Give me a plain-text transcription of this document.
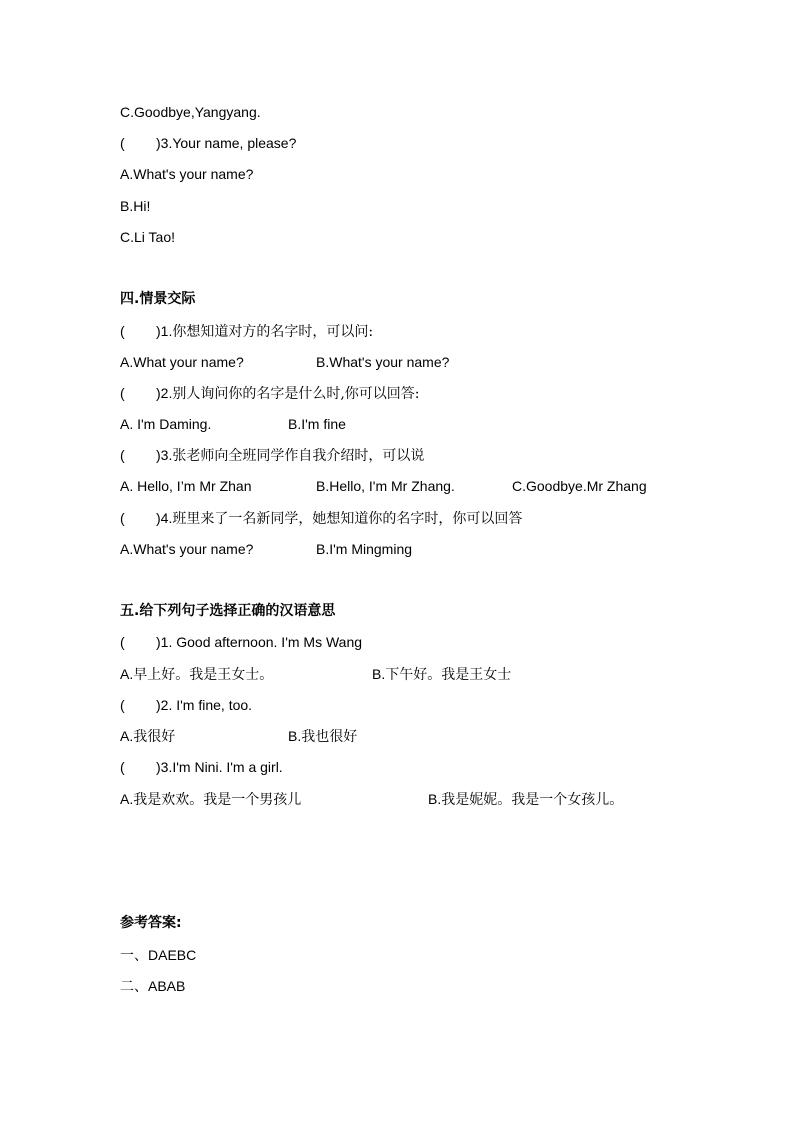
C.Goodbye,Yangyang.
( )3.Your name, please?
A.What's your name?
B.Hi!
C.Li Tao!
四.情景交际
( )1.你想知道对方的名字时，可以问:
A.What your name?	B.What's your name?
( )2.别人询问你的名字是什么时,你可以回答:
A. I'm Daming.	B.I'm fine
( )3.张老师向全班同学作自我介绍时，可以说
A. Hello, I’m Mr Zhan	B.Hello, I'm Mr Zhang.	C.Goodbye.Mr Zhang
( )4.班里来了一名新同学，她想知道你的名字时，你可以回答
A.What's your name?	B.I'm Mingming
五.给下列句子选择正确的汉语意思
( )1. Good afternoon. I'm Ms Wang
A.早上好。我是王女士。	B.下午好。我是王女士
( )2. I'm fine, too.
A.我很好	B.我也很好
( )3.I'm Nini. I'm a girl.
A.我是欢欢。我是一个男孩儿	B.我是妮妮。我是一个女孩儿。
参考答案:
一、DAEBC
二、ABAB
